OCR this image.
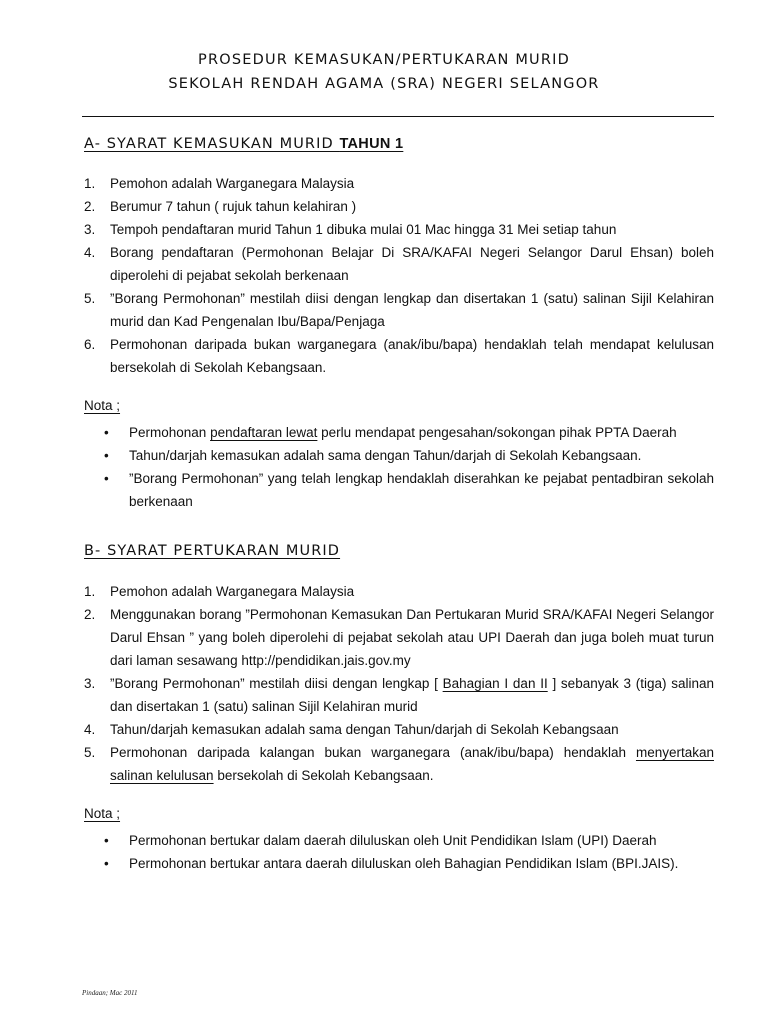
PROSEDUR KEMASUKAN/PERTUKARAN MURID
SEKOLAH RENDAH AGAMA (SRA) NEGERI SELANGOR
A- SYARAT KEMASUKAN MURID TAHUN 1
1. Pemohon adalah Warganegara Malaysia
2. Berumur 7 tahun ( rujuk tahun kelahiran )
3. Tempoh pendaftaran murid Tahun 1 dibuka mulai 01 Mac hingga 31 Mei setiap tahun
4. Borang pendaftaran (Permohonan Belajar Di SRA/KAFAI Negeri Selangor Darul Ehsan) boleh diperolehi di pejabat sekolah berkenaan
5. ”Borang Permohonan” mestilah diisi dengan lengkap dan disertakan 1 (satu) salinan Sijil Kelahiran murid dan Kad Pengenalan Ibu/Bapa/Penjaga
6. Permohonan daripada bukan warganegara (anak/ibu/bapa) hendaklah telah mendapat kelulusan bersekolah di Sekolah Kebangsaan.
Nota ;
• Permohonan pendaftaran lewat perlu mendapat pengesahan/sokongan pihak PPTA Daerah
• Tahun/darjah kemasukan adalah sama dengan Tahun/darjah di Sekolah Kebangsaan.
• ”Borang Permohonan” yang telah lengkap hendaklah diserahkan ke pejabat pentadbiran sekolah berkenaan
B- SYARAT PERTUKARAN MURID
1. Pemohon adalah Warganegara Malaysia
2. Menggunakan borang ”Permohonan Kemasukan Dan Pertukaran Murid SRA/KAFAI Negeri Selangor Darul Ehsan ” yang boleh diperolehi di pejabat sekolah atau UPI Daerah dan juga boleh muat turun dari laman sesawang http://pendidikan.jais.gov.my
3. ”Borang Permohonan” mestilah diisi dengan lengkap [ Bahagian I dan II ] sebanyak 3 (tiga) salinan dan disertakan 1 (satu) salinan Sijil Kelahiran murid
4. Tahun/darjah kemasukan adalah sama dengan Tahun/darjah di Sekolah Kebangsaan
5. Permohonan daripada kalangan bukan warganegara (anak/ibu/bapa) hendaklah menyertakan salinan kelulusan bersekolah di Sekolah Kebangsaan.
Nota ;
• Permohonan bertukar dalam daerah diluluskan oleh Unit Pendidikan Islam (UPI) Daerah
• Permohonan bertukar antara daerah diluluskan oleh Bahagian Pendidikan Islam (BPI.JAIS).
Pindaan; Mac 2011
